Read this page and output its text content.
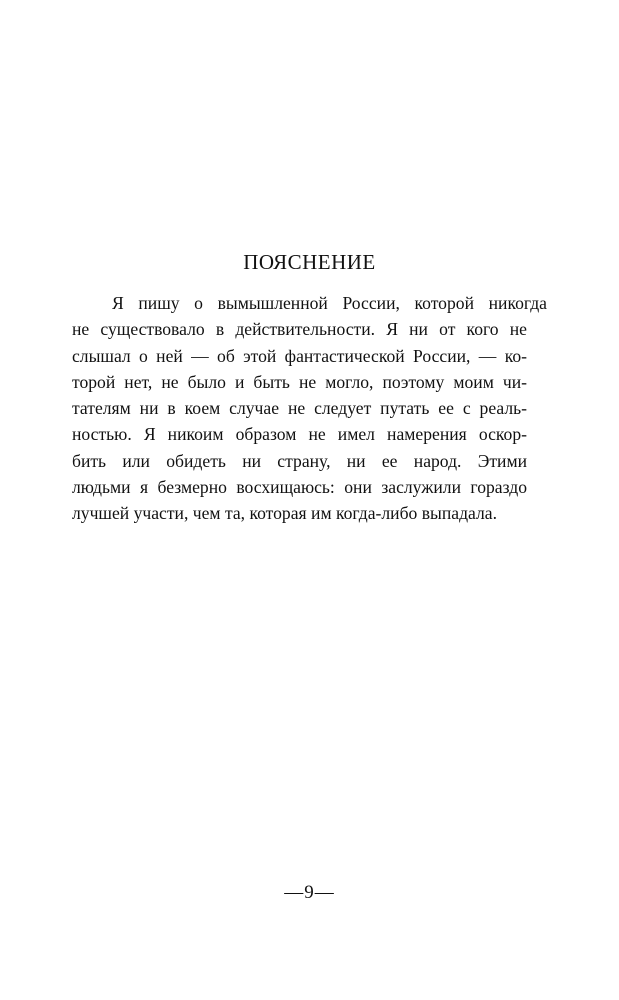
ПОЯСНЕНИЕ
Я пишу о вымышленной России, которой никогда
не существовало в действительности. Я ни от кого не
слышал о ней — об этой фантастической России, — ко-
торой нет, не было и быть не могло, поэтому моим чи-
тателям ни в коем случае не следует путать ее с реаль-
ностью. Я никоим образом не имел намерения оскор-
бить или обидеть ни страну, ни ее народ. Этими
людьми я безмерно восхищаюсь: они заслужили гораздо
лучшей участи, чем та, которая им когда-либо выпадала.
—9—
